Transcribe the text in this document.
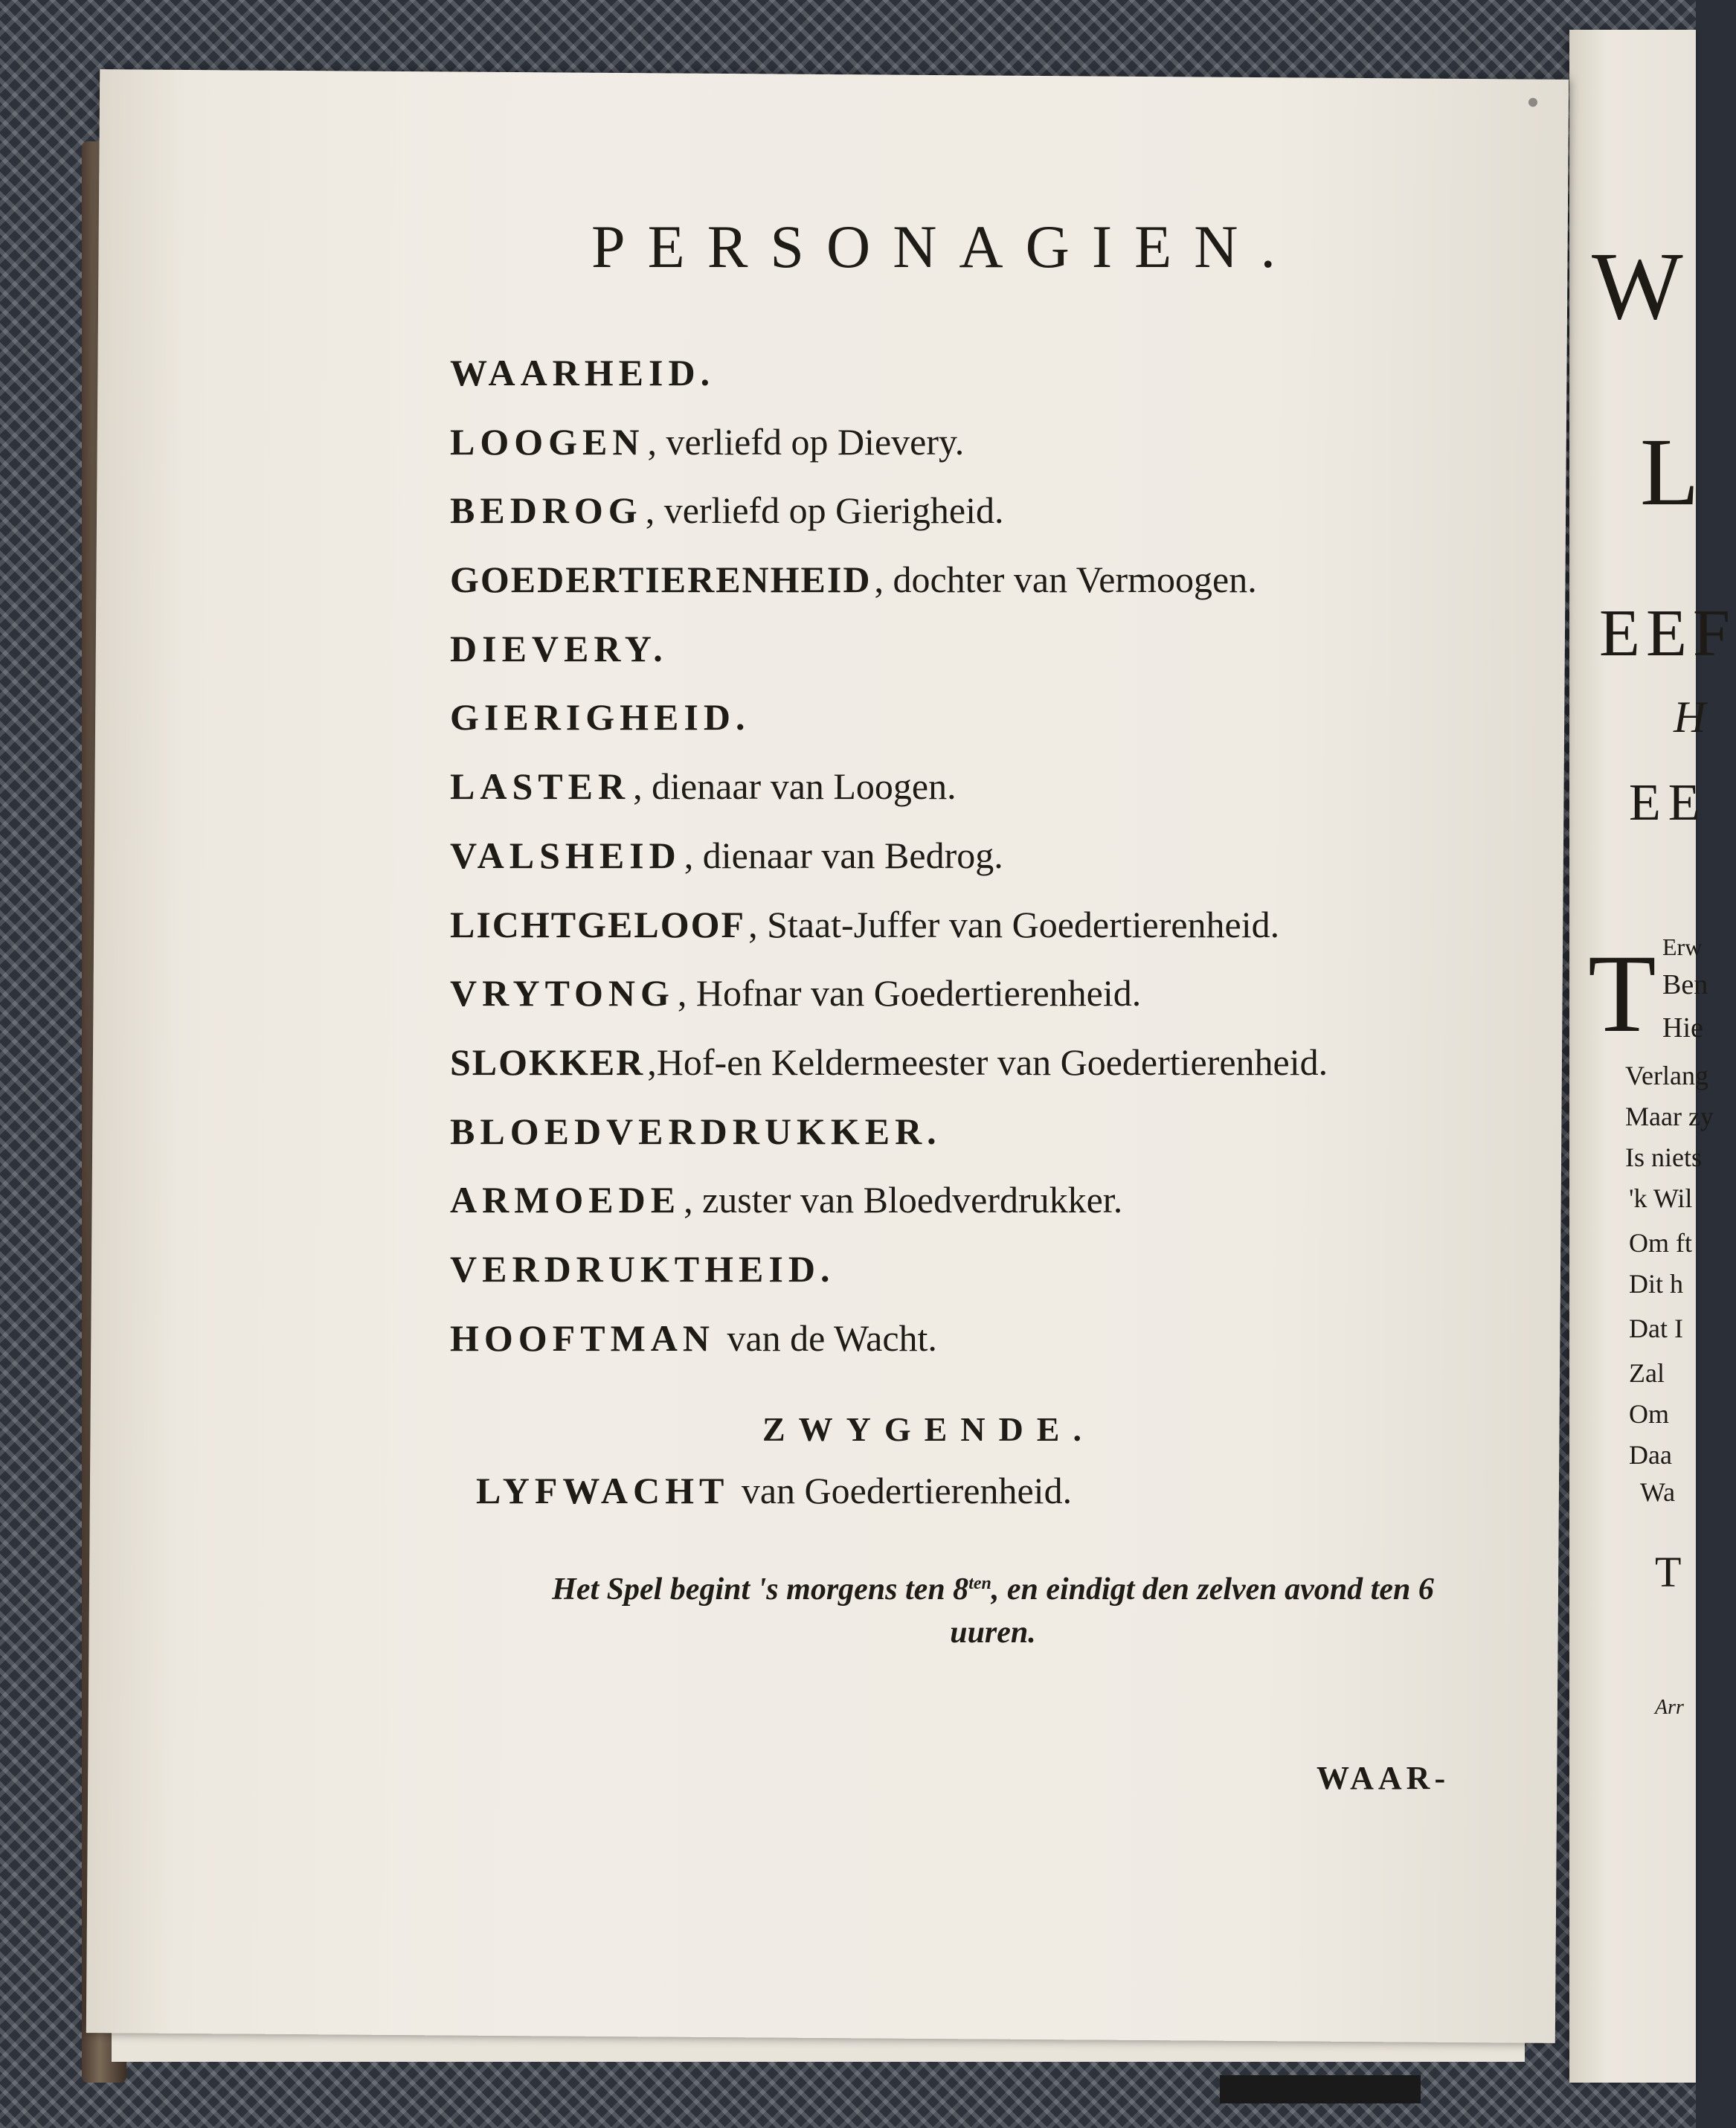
W
L
EEF
H
EE
T Erw
Ben
Hie
Verlang
Maar zy
Is niets
'k Wil
Om ft
Dit h
Dat I
Zal
Om
Daa
Wa
T
Arr
PERSONAGIEN.
WAARHEID.
LOOGEN, verliefd op Dievery.
BEDROG, verliefd op Gierigheid.
GOEDERTIERENHEID, dochter van Vermoogen.
DIEVERY.
GIERIGHEID.
LASTER, dienaar van Loogen.
VALSHEID, dienaar van Bedrog.
LICHTGELOOF, Staat-Juffer van Goedertierenheid.
VRYTONG, Hofnar van Goedertierenheid.
SLOKKER,Hof-en Keldermeester van Goedertierenheid.
BLOEDVERDRUKKER.
ARMOEDE, zuster van Bloedverdrukker.
VERDRUKTHEID.
HOOFTMAN van de Wacht.
ZWYGENDE.
LYFWACHT van Goedertierenheid.
Het Spel begint 's morgens ten $8^{ten}$, en eindigt den zelven avond ten 6 uuren.
WAAR-
